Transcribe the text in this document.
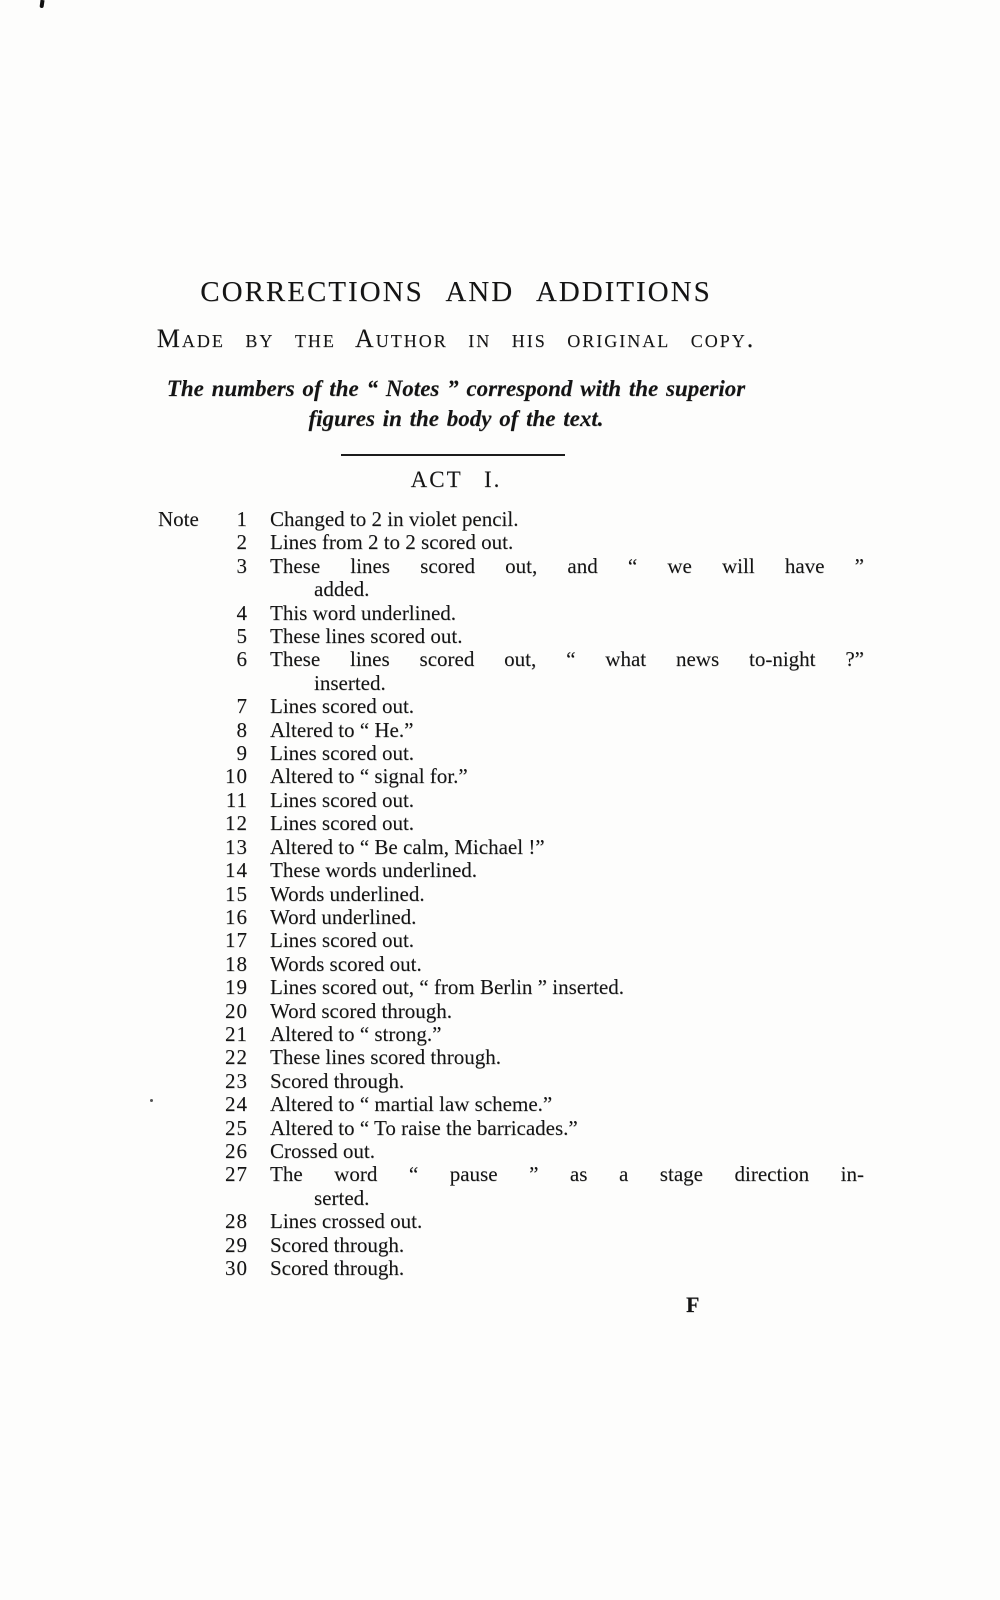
CORRECTIONS AND ADDITIONS
Made by the Author in his original copy.
The numbers of the “ Notes ” correspond with the superior
figures in the body of the text.
ACT I.
Note	1 Changed to 2 in violet pencil.
2 Lines from 2 to 2 scored out.
3 These lines scored out, and “ we will have ”
added.
4 This word underlined.
5 These lines scored out.
6 These lines scored out, “ what news to-night ?”
inserted.
7 Lines scored out.
8 Altered to “ He.”
9 Lines scored out.
10 Altered to “ signal for.”
11 Lines scored out.
12 Lines scored out.
13 Altered to “ Be calm, Michael !”
14 These words underlined.
15 Words underlined.
16 Word underlined.
17 Lines scored out.
18 Words scored out.
19 Lines scored out, “ from Berlin ” inserted.
20 Word scored through.
21 Altered to “ strong.”
22 These lines scored through.
23 Scored through.
24 Altered to “ martial law scheme.”
25 Altered to “ To raise the barricades.”
26 Crossed out.
27 The word “ pause ” as a stage direction in-
serted.
28 Lines crossed out.
29 Scored through.
30 Scored through.
F
